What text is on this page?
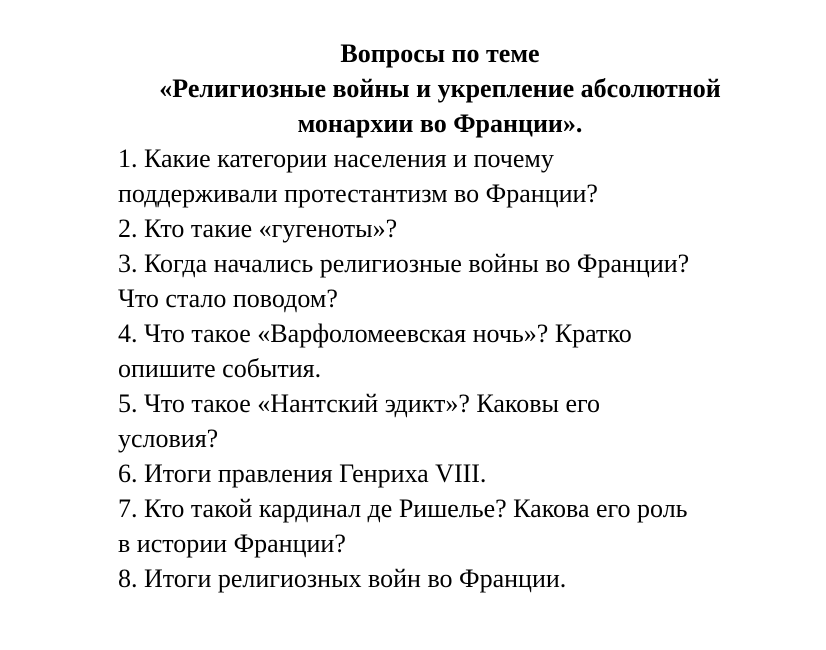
Вопросы по теме
«Религиозные войны и укрепление абсолютной
монархии во Франции».
1. Какие категории населения и почему
поддерживали протестантизм во Франции?
2. Кто такие «гугеноты»?
3. Когда начались религиозные войны во Франции?
Что стало поводом?
4. Что такое «Варфоломеевская ночь»? Кратко
опишите события.
5. Что такое «Нантский эдикт»? Каковы его
условия?
6. Итоги правления Генриха VIII.
7. Кто такой кардинал де Ришелье? Какова его роль
в истории Франции?
8. Итоги религиозных войн во Франции.
